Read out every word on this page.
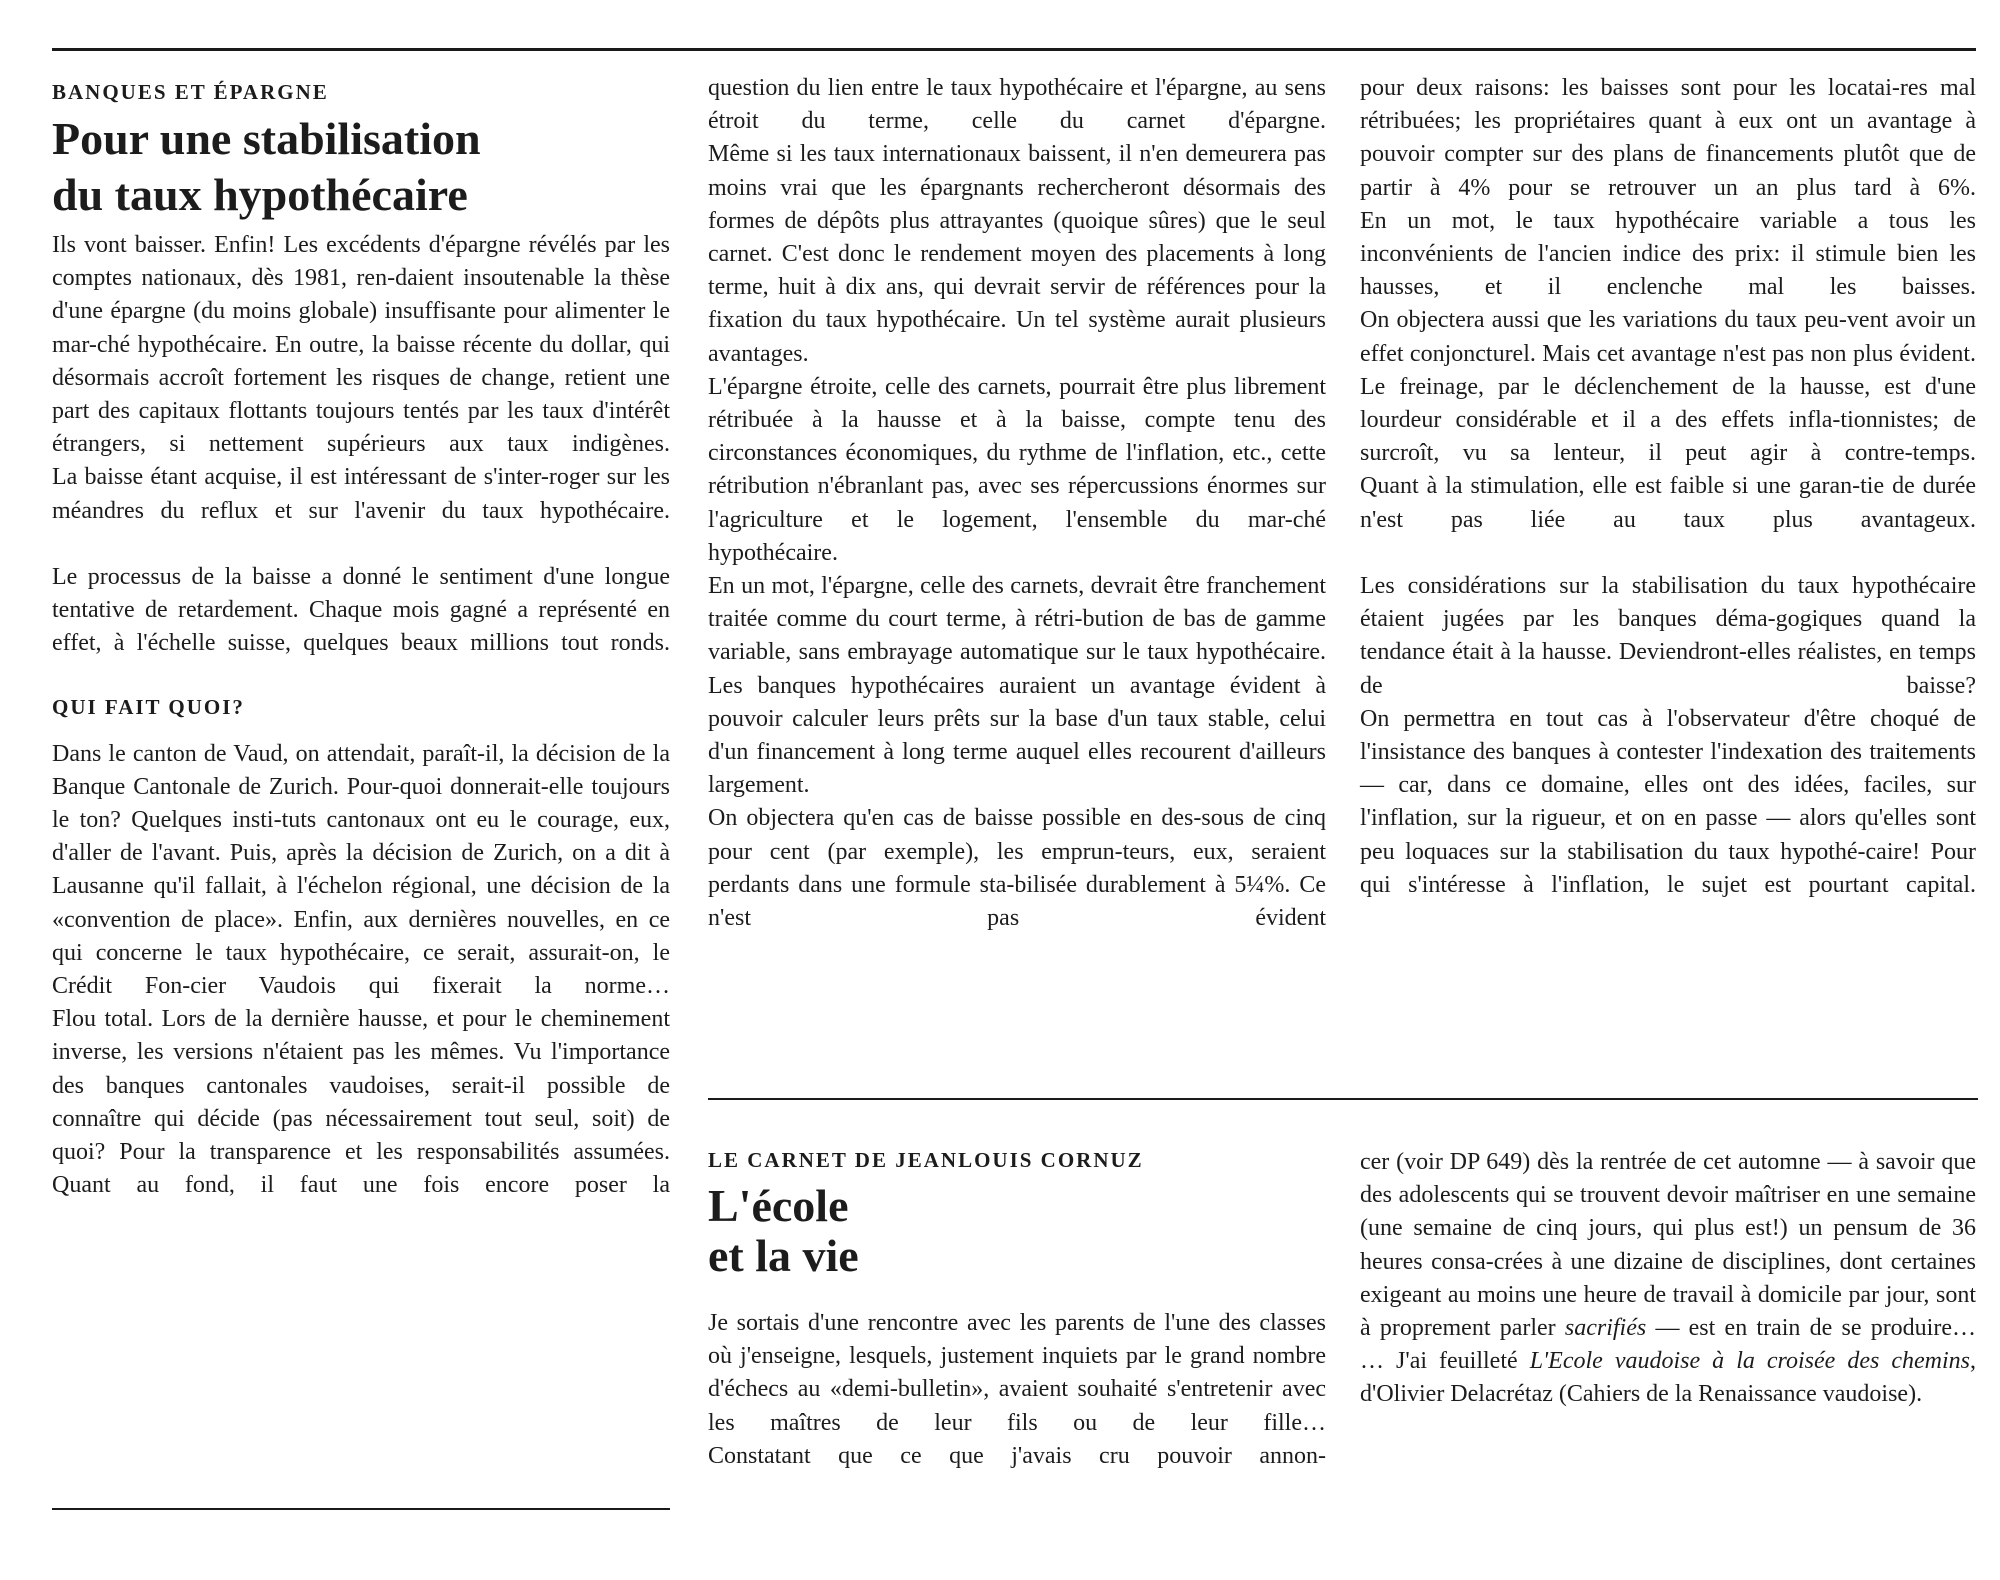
BANQUES ET ÉPARGNE

Pour une stabilisation
du taux hypothécaire

Ils vont baisser. Enfin! Les excédents d'épargne révélés par les comptes nationaux, dès 1981, ren-daient insoutenable la thèse d'une épargne (du moins globale) insuffisante pour alimenter le mar-ché hypothécaire. En outre, la baisse récente du dollar, qui désormais accroît fortement les risques de change, retient une part des capitaux flottants toujours tentés par les taux d'intérêt étrangers, si nettement supérieurs aux taux indigènes.

La baisse étant acquise, il est intéressant de s'inter-roger sur les méandres du reflux et sur l'avenir du taux hypothécaire.

Le processus de la baisse a donné le sentiment d'une longue tentative de retardement. Chaque mois gagné a représenté en effet, à l'échelle suisse, quelques beaux millions tout ronds.

QUI FAIT QUOI?

Dans le canton de Vaud, on attendait, paraît-il, la décision de la Banque Cantonale de Zurich. Pour-quoi donnerait-elle toujours le ton? Quelques insti-tuts cantonaux ont eu le courage, eux, d'aller de l'avant. Puis, après la décision de Zurich, on a dit à Lausanne qu'il fallait, à l'échelon régional, une décision de la «convention de place». Enfin, aux dernières nouvelles, en ce qui concerne le taux hypothécaire, ce serait, assurait-on, le Crédit Fon-cier Vaudois qui fixerait la norme…

Flou total. Lors de la dernière hausse, et pour le cheminement inverse, les versions n'étaient pas les mêmes. Vu l'importance des banques cantonales vaudoises, serait-il possible de connaître qui décide (pas nécessairement tout seul, soit) de quoi? Pour la transparence et les responsabilités assumées.

Quant au fond, il faut une fois encore poser la

question du lien entre le taux hypothécaire et l'épargne, au sens étroit du terme, celle du carnet d'épargne.

Même si les taux internationaux baissent, il n'en demeurera pas moins vrai que les épargnants rechercheront désormais des formes de dépôts plus attrayantes (quoique sûres) que le seul carnet. C'est donc le rendement moyen des placements à long terme, huit à dix ans, qui devrait servir de références pour la fixation du taux hypothécaire. Un tel système aurait plusieurs avantages.

L'épargne étroite, celle des carnets, pourrait être plus librement rétribuée à la hausse et à la baisse, compte tenu des circonstances économiques, du rythme de l'inflation, etc., cette rétribution n'ébranlant pas, avec ses répercussions énormes sur l'agriculture et le logement, l'ensemble du mar-ché hypothécaire.

En un mot, l'épargne, celle des carnets, devrait être franchement traitée comme du court terme, à rétri-bution de bas de gamme variable, sans embrayage automatique sur le taux hypothécaire.

Les banques hypothécaires auraient un avantage évident à pouvoir calculer leurs prêts sur la base d'un taux stable, celui d'un financement à long terme auquel elles recourent d'ailleurs largement.

On objectera qu'en cas de baisse possible en des-sous de cinq pour cent (par exemple), les emprun-teurs, eux, seraient perdants dans une formule sta-bilisée durablement à 5¼%. Ce n'est pas évident

pour deux raisons: les baisses sont pour les locatai-res mal rétribuées; les propriétaires quant à eux ont un avantage à pouvoir compter sur des plans de financements plutôt que de partir à 4% pour se retrouver un an plus tard à 6%.

En un mot, le taux hypothécaire variable a tous les inconvénients de l'ancien indice des prix: il stimule bien les hausses, et il enclenche mal les baisses.

On objectera aussi que les variations du taux peu-vent avoir un effet conjoncturel. Mais cet avantage n'est pas non plus évident.

Le freinage, par le déclenchement de la hausse, est d'une lourdeur considérable et il a des effets infla-tionnistes; de surcroît, vu sa lenteur, il peut agir à contre-temps.

Quant à la stimulation, elle est faible si une garan-tie de durée n'est pas liée au taux plus avantageux.

Les considérations sur la stabilisation du taux hypothécaire étaient jugées par les banques déma-gogiques quand la tendance était à la hausse. Deviendront-elles réalistes, en temps de baisse?

On permettra en tout cas à l'observateur d'être choqué de l'insistance des banques à contester l'indexation des traitements — car, dans ce domaine, elles ont des idées, faciles, sur l'inflation, sur la rigueur, et on en passe — alors qu'elles sont peu loquaces sur la stabilisation du taux hypothé-caire! Pour qui s'intéresse à l'inflation, le sujet est pourtant capital.

LE CARNET DE JEANLOUIS CORNUZ

L'école
et la vie

Je sortais d'une rencontre avec les parents de l'une des classes où j'enseigne, lesquels, justement inquiets par le grand nombre d'échecs au «demi-bulletin», avaient souhaité s'entretenir avec les maîtres de leur fils ou de leur fille…

Constatant que ce que j'avais cru pouvoir annon-

cer (voir DP 649) dès la rentrée de cet automne — à savoir que des adolescents qui se trouvent devoir maîtriser en une semaine (une semaine de cinq jours, qui plus est!) un pensum de 36 heures consa-crées à une dizaine de disciplines, dont certaines exigeant au moins une heure de travail à domicile par jour, sont à proprement parler sacrifiés — est en train de se produire…

… J'ai feuilleté L'Ecole vaudoise à la croisée des chemins, d'Olivier Delacrétaz (Cahiers de la Renaissance vaudoise).
